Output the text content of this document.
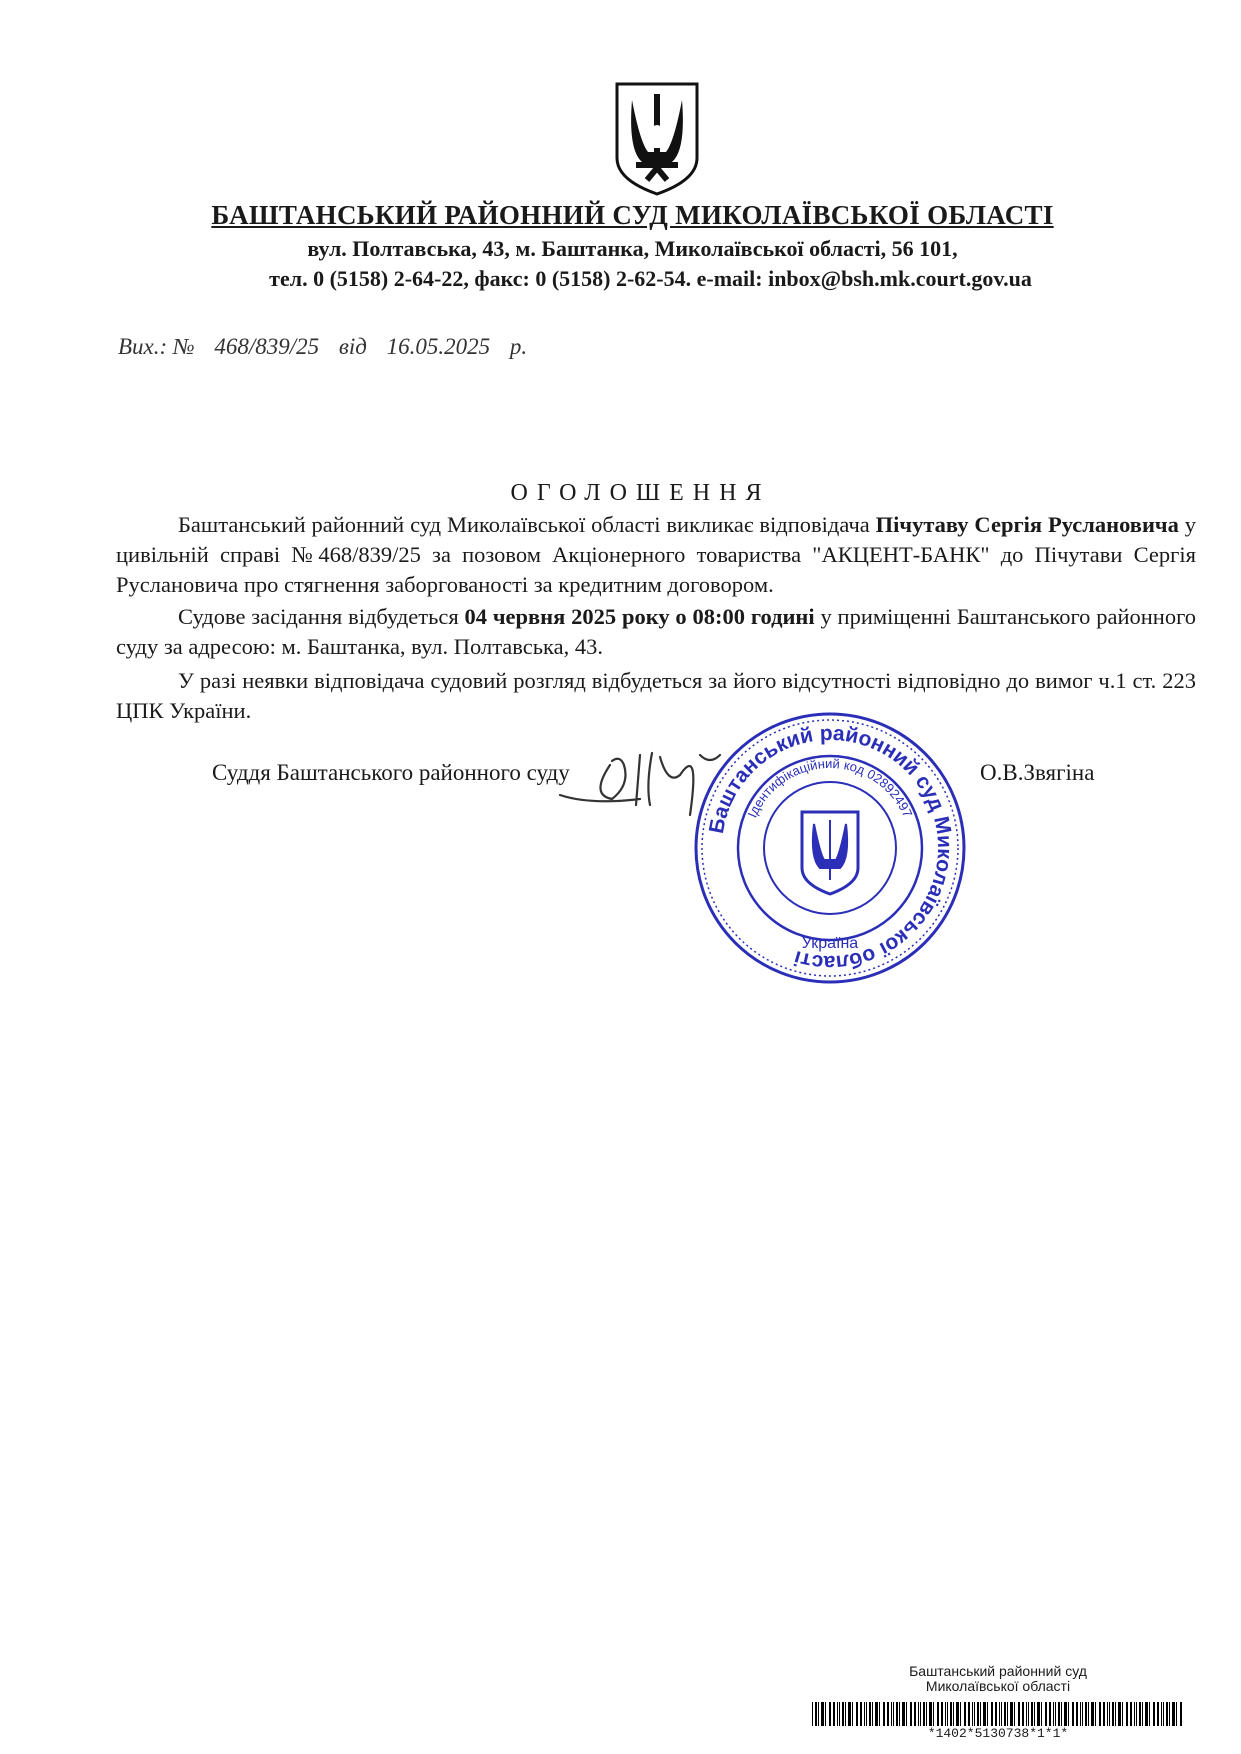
БАШТАНСЬКИЙ РАЙОННИЙ СУД МИКОЛАЇВСЬКОЇ ОБЛАСТІ
вул. Полтавська, 43, м. Баштанка, Миколаївської області, 56 101,
тел. 0 (5158) 2-64-22, факс: 0 (5158) 2-62-54. e-mail: inbox@bsh.mk.court.gov.ua
Вих.: № 468/839/25 від 16.05.2025 р.
ОГОЛОШЕННЯ

Баштанський районний суд Миколаївської області викликає відповідача Пічутаву Сергія Руслановича у цивільній справі №468/839/25 за позовом Акціонерного товариства "АКЦЕНТ-БАНК" до Пічутави Сергія Руслановича про стягнення заборгованості за кредитним договором.

Судове засідання відбудеться 04 червня 2025 року о 08:00 годині у приміщенні Баштанського районного суду за адресою: м. Баштанка, вул. Полтавська, 43.

У разі неявки відповідача судовий розгляд відбудеться за його відсутності відповідно до вимог ч.1 ст. 223 ЦПК України.

Суддя Баштанського районного суду	О.В.Звягіна
Баштанський районний суд Миколаївської області
Ідентифікаційний код 02892497
Україна
Баштанський районний суд
Миколаївської області
*1402*5130738*1*1*
